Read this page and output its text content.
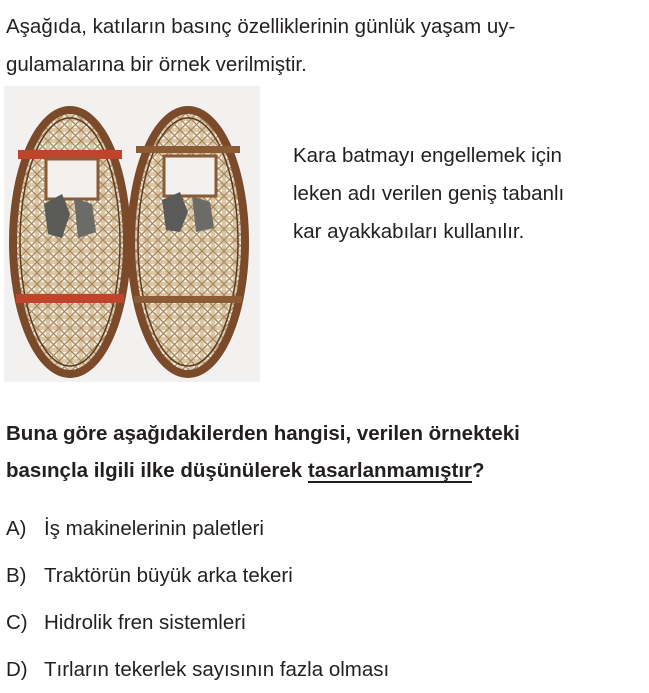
Aşağıda, katıların basınç özelliklerinin günlük yaşam uy-
gulamalarına bir örnek verilmiştir.

Kara batmayı engellemek için
leken adı verilen geniş tabanlı
kar ayakkabıları kullanılır.

Buna göre aşağıdakilerden hangisi, verilen örnekteki
basınçla ilgili ilke düşünülerek tasarlanmamıştır?

A) İş makinelerinin paletleri
B) Traktörün büyük arka tekeri
C) Hidrolik fren sistemleri
D) Tırların tekerlek sayısının fazla olması
